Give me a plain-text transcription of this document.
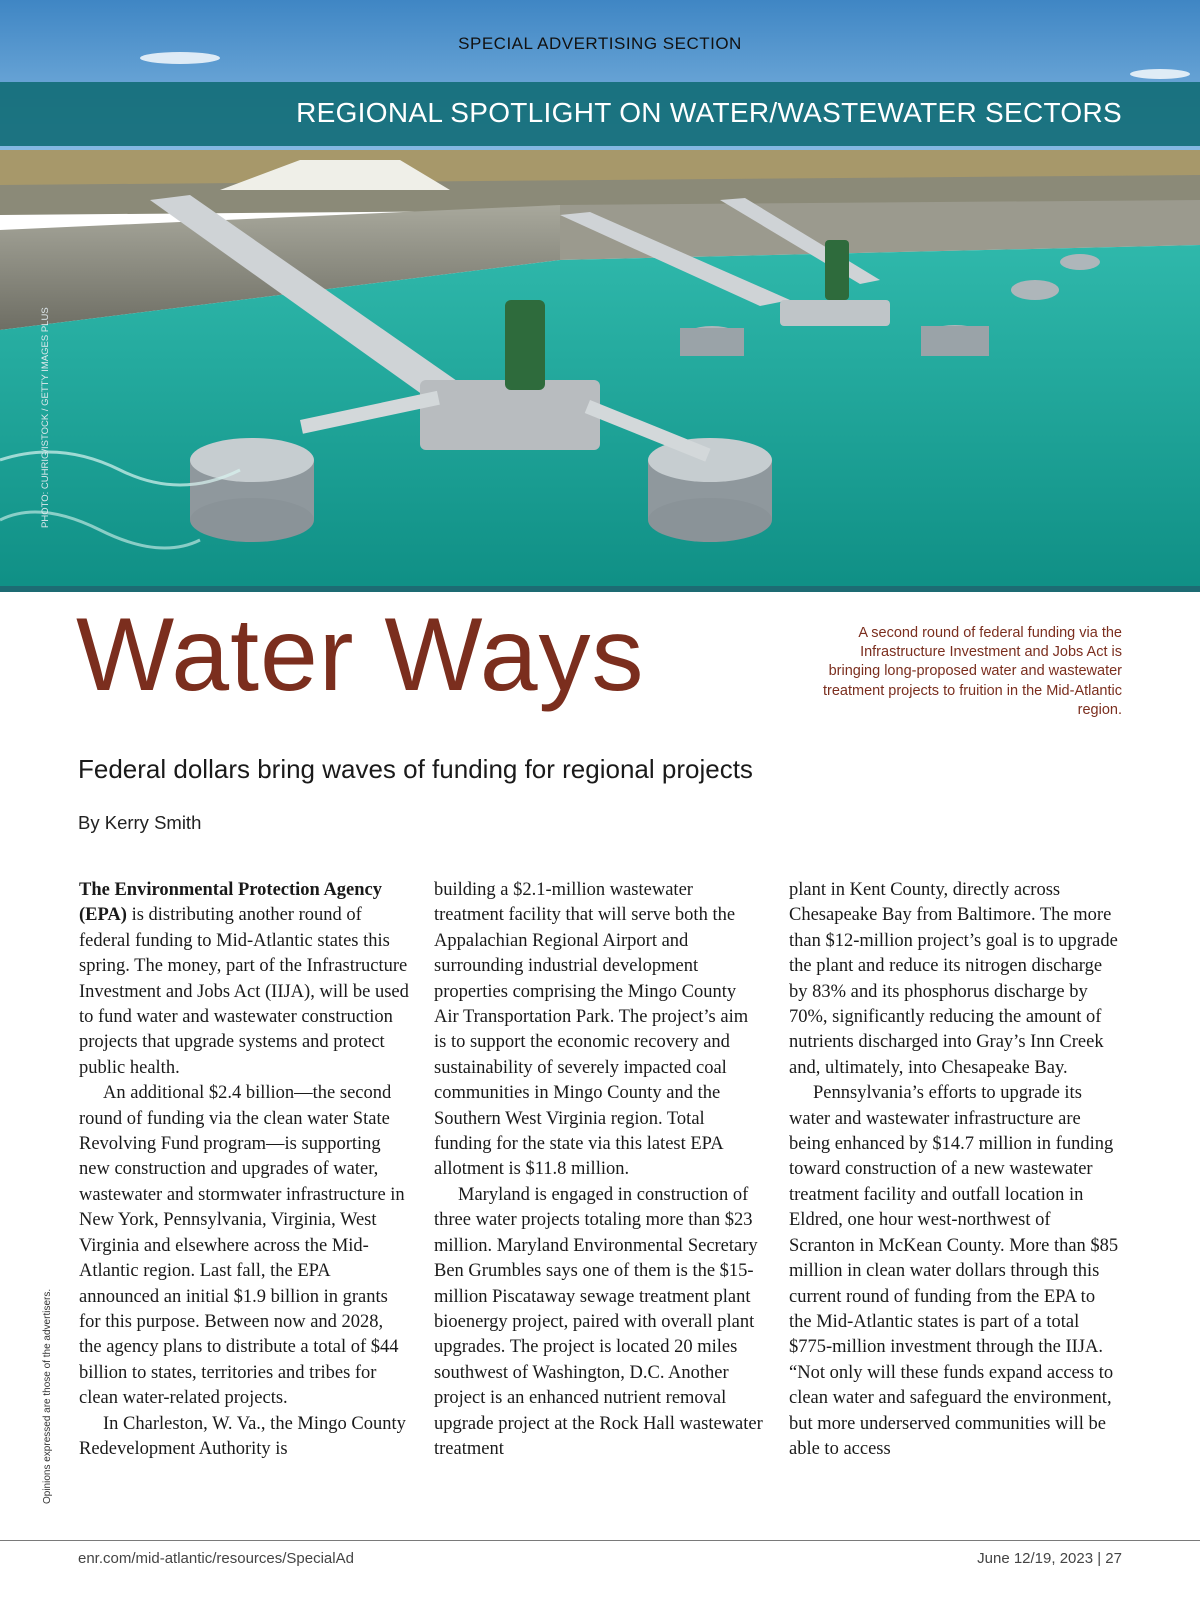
SPECIAL ADVERTISING SECTION
REGIONAL SPOTLIGHT ON WATER/WASTEWATER SECTORS
PHOTO: CUHRIG/ISTOCK / GETTY IMAGES PLUS
Water Ways	A second round of federal funding via the Infrastructure Investment and Jobs Act is bringing long-proposed water and wastewater treatment projects to fruition in the Mid-Atlantic region.
Federal dollars bring waves of funding for regional projects
By Kerry Smith

The Environmental Protection Agency (EPA) is distributing another round of federal funding to Mid-Atlantic states this spring. The money, part of the Infrastructure Investment and Jobs Act (IIJA), will be used to fund water and wastewater construction projects that upgrade systems and protect public health.

An additional $2.4 billion—the second round of funding via the clean water State Revolving Fund program—is supporting new construction and upgrades of water, wastewater and stormwater infrastructure in New York, Pennsylvania, Virginia, West Virginia and elsewhere across the Mid-Atlantic region. Last fall, the EPA announced an initial $1.9 billion in grants for this purpose. Between now and 2028, the agency plans to distribute a total of $44 billion to states, territories and tribes for clean water-related projects.

In Charleston, W. Va., the Mingo County Redevelopment Authority is

building a $2.1-million wastewater treatment facility that will serve both the Appalachian Regional Airport and surrounding industrial development properties comprising the Mingo County Air Transportation Park. The project’s aim is to support the economic recovery and sustainability of severely impacted coal communities in Mingo County and the Southern West Virginia region. Total funding for the state via this latest EPA allotment is $11.8 million.

Maryland is engaged in construction of three water projects totaling more than $23 million. Maryland Environmental Secretary Ben Grumbles says one of them is the $15-million Piscataway sewage treatment plant bioenergy project, paired with overall plant upgrades. The project is located 20 miles southwest of Washington, D.C. Another project is an enhanced nutrient removal upgrade project at the Rock Hall wastewater treatment

plant in Kent County, directly across Chesapeake Bay from Baltimore. The more than $12-million project’s goal is to upgrade the plant and reduce its nitrogen discharge by 83% and its phosphorus discharge by 70%, significantly reducing the amount of nutrients discharged into Gray’s Inn Creek and, ultimately, into Chesapeake Bay.

Pennsylvania’s efforts to upgrade its water and wastewater infrastructure are being enhanced by $14.7 million in funding toward construction of a new wastewater treatment facility and outfall location in Eldred, one hour west-northwest of Scranton in McKean County. More than $85 million in clean water dollars through this current round of funding from the EPA to the Mid-Atlantic states is part of a total $775-million investment through the IIJA. “Not only will these funds expand access to clean water and safeguard the environment, but more underserved communities will be able to access

Opinions expressed are those of the advertisers.
enr.com/mid-atlantic/resources/SpecialAd	June 12/19, 2023 | 27
